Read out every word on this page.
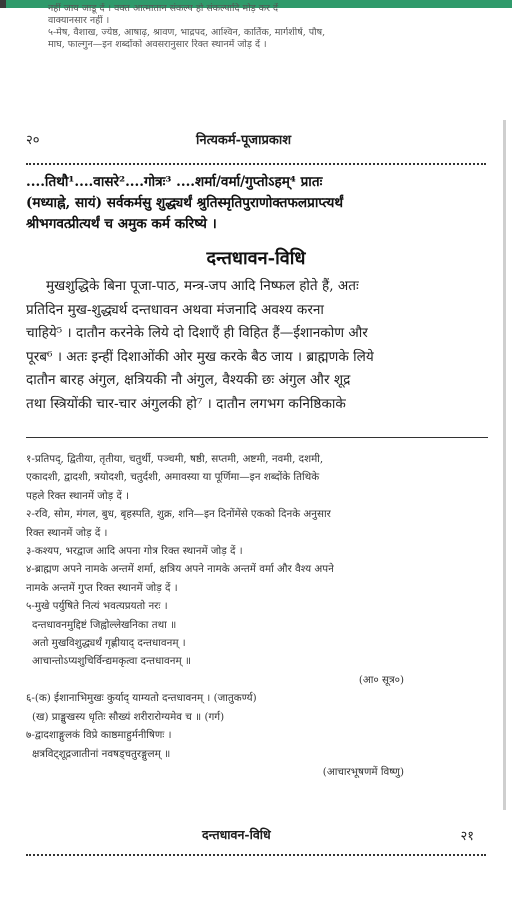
नहीं जाय जाडू दें । वक्त आत्मातान संकल्प हो संकल्पादि मोड़ कर दें
वाक्यानसार नहीं ।
५-मेष, वैशाख, ज्येष्ठ, आषाढ़, श्रावण, भाद्रपद, आश्विन, कार्तिक, मार्गशीर्ष, पौष,
माघ, फाल्गुन—इन शब्दोंको अवसरानुसार रिक्त स्थानमें जोड़ दें ।
२०	नित्यकर्म-पूजाप्रकाश
....तिथौ¹....वासरे²....गोत्रः³ ....शर्मा/वर्मा/गुप्तोऽहम्⁴ प्रातः
(मध्याह्ने, सायं) सर्वकर्मसु शुद्ध्यर्थं श्रुतिस्मृतिपुराणोक्तफलप्राप्त्यर्थं
श्रीभगवत्प्रीत्यर्थं च अमुक कर्म करिष्ये ।
दन्तधावन-विधि
मुखशुद्धिके बिना पूजा-पाठ, मन्त्र-जप आदि निष्फल होते हैं, अतः
प्रतिदिन मुख-शुद्ध्यर्थ दन्तधावन अथवा मंजनादि अवश्य करना
चाहिये⁵ । दातौन करनेके लिये दो दिशाएँ ही विहित हैं—ईशानकोण और
पूरब⁶ । अतः इन्हीं दिशाओंकी ओर मुख करके बैठ जाय । ब्राह्मणके लिये
दातौन बारह अंगुल, क्षत्रियकी नौ अंगुल, वैश्यकी छः अंगुल और शूद्र
तथा स्त्रियोंकी चार-चार अंगुलकी हो⁷ । दातौन लगभग कनिष्ठिकाके
१-प्रतिपद्, द्वितीया, तृतीया, चतुर्थी, पञ्चमी, षष्ठी, सप्तमी, अष्टमी, नवमी, दशमी,
एकादशी, द्वादशी, त्रयोदशी, चतुर्दशी, अमावस्या या पूर्णिमा—इन शब्दोंके तिथिके
पहले रिक्त स्थानमें जोड़ दें ।
२-रवि, सोम, मंगल, बुध, बृहस्पति, शुक्र, शनि—इन दिनोंमेंसे एकको दिनके अनुसार
रिक्त स्थानमें जोड़ दें ।
३-कश्यप, भरद्वाज आदि अपना गोत्र रिक्त स्थानमें जोड़ दें ।
४-ब्राह्मण अपने नामके अन्तमें शर्मा, क्षत्रिय अपने नामके अन्तमें वर्मा और वैश्य अपने
नामके अन्तमें गुप्त रिक्त स्थानमें जोड़ दें ।
५-मुखे पर्युषिते नित्यं भवत्यप्रयतो नरः ।
दन्तधावनमुद्दिष्टं जिह्वोल्लेखनिका तथा ॥
अतो मुखविशुद्ध्यर्थं गृह्णीयाद् दन्तधावनम् ।
आचान्तोऽप्यशुचिर्विन्द्यमकृत्वा दन्तधावनम् ॥
(आ० सूत्र०)
६-(क) ईशानाभिमुखः कुर्याद् याम्यतो दन्तधावनम् । (जातुकर्ण्य)
(ख) प्राङ्मुखस्य धृतिः सौख्यं शरीरारोग्यमेव च ॥ (गर्ग)
७-द्वादशाङ्गुलकं विप्रे काष्ठमाहुर्मनीषिणः ।
क्षत्रविट्शूद्रजातीनां नवषड्चतुरङ्गुलम् ॥
(आचारभूषणमें विष्णु)
दन्तधावन-विधि	२१
